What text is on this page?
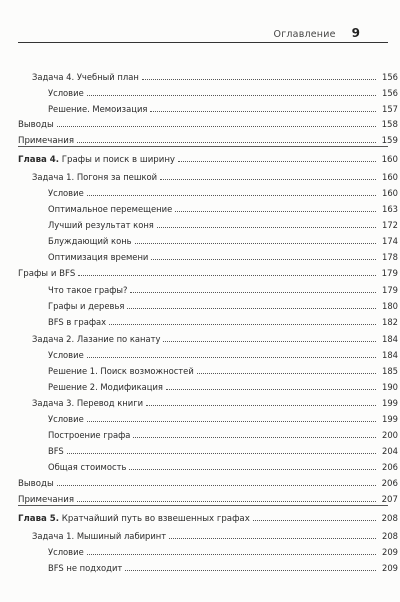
Оглавление 9
Задача 4. Учебный план	156
Условие	156
Решение. Мемоизация	157
Выводы	158
Примечания	159
Глава 4. Графы и поиск в ширину	160
Задача 1. Погоня за пешкой	160
Условие	160
Оптимальное перемещение	163
Лучший результат коня	172
Блуждающий конь	174
Оптимизация времени	178
Графы и BFS	179
Что такое графы?	179
Графы и деревья	180
BFS в графах	182
Задача 2. Лазание по канату	184
Условие	184
Решение 1. Поиск возможностей	185
Решение 2. Модификация	190
Задача 3. Перевод книги	199
Условие	199
Построение графа	200
BFS	204
Общая стоимость	206
Выводы	206
Примечания	207
Глава 5. Кратчайший путь во взвешенных графах	208
Задача 1. Мышиный лабиринт	208
Условие	209
BFS не подходит	209
